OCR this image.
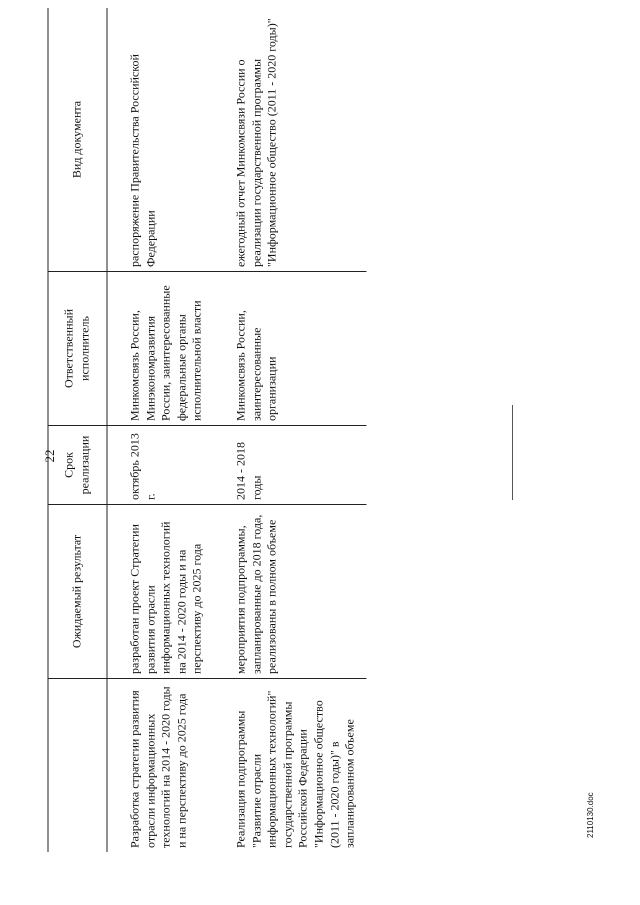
22
	Ожидаемый результат	Срок реализации	Ответственный исполнитель	Вид документа
Разработка стратегии развития отрасли информационных технологий на 2014 - 2020 годы и на перспективу до 2025 года	разработан проект Стратегии развития отрасли информационных технологий на 2014 - 2020 годы и на перспективу до 2025 года	октябрь 2013 г.	Минкомсвязь России, Минэкономразвития России, заинтересованные федеральные органы исполнительной власти	распоряжение Правительства Российской Федерации
Реализация подпрограммы "Развитие отрасли информационных технологий" государственной программы Российской Федерации "Информационное общество (2011 - 2020 годы)" в запланированном объеме	мероприятия подпрограммы, запланированные до 2018 года, реализованы в полном объеме	2014 - 2018 годы	Минкомсвязь России, заинтересованные организации	ежегодный отчет Минкомсвязи России о реализации государственной программы "Информационное общество (2011 - 2020 годы)"
2110130.doc
